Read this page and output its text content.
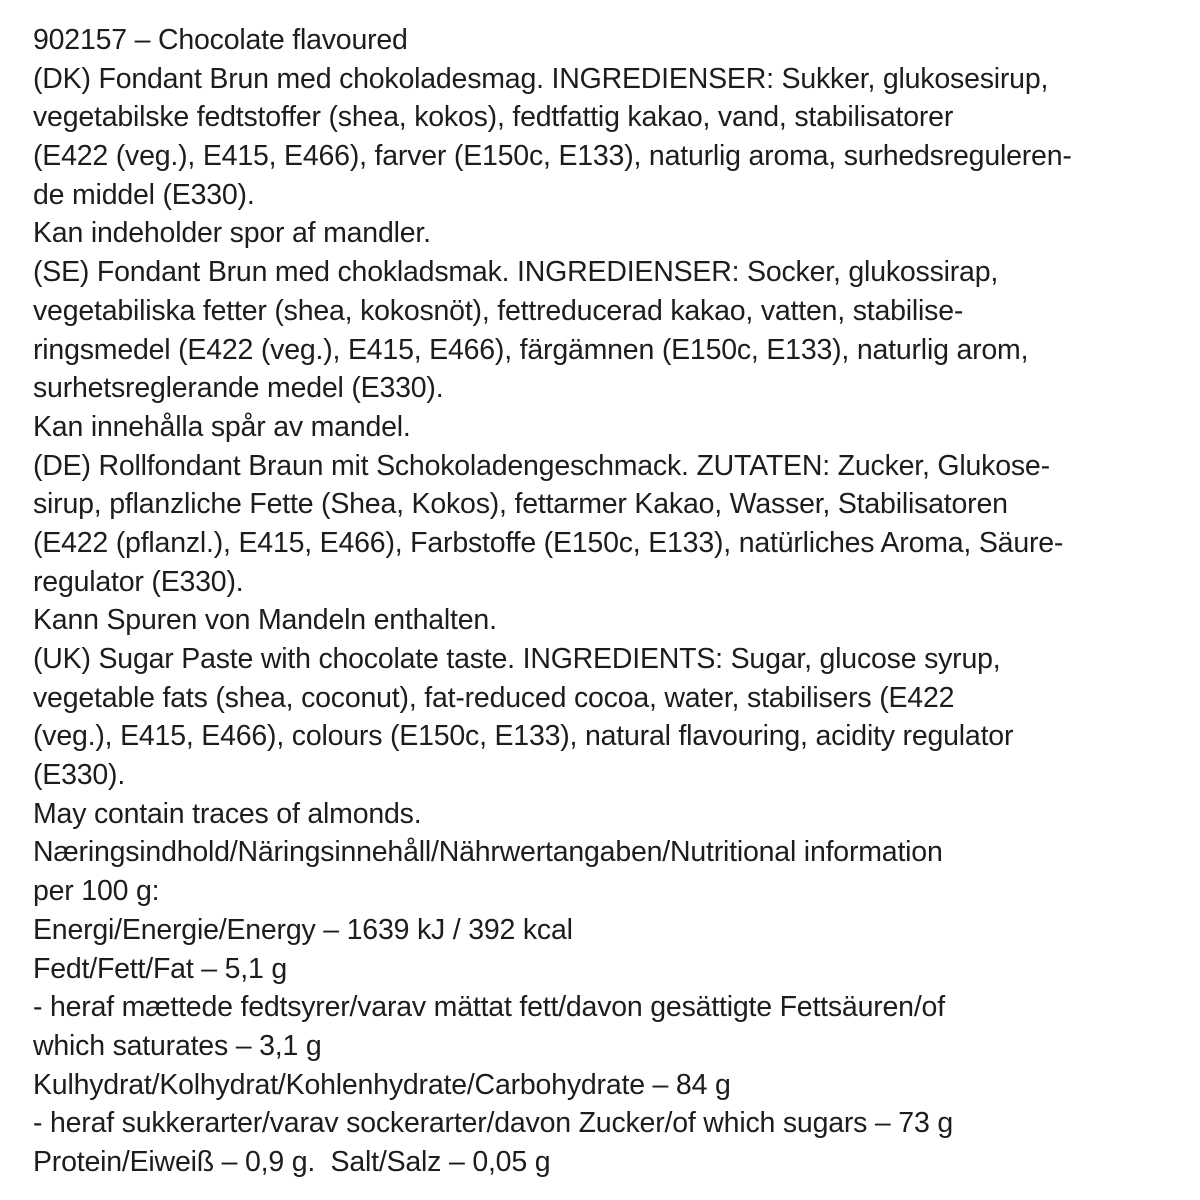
902157 – Chocolate flavoured
(DK) Fondant Brun med chokoladesmag. INGREDIENSER: Sukker, glukosesirup,
vegetabilske fedtstoffer (shea, kokos), fedtfattig kakao, vand, stabilisatorer
(E422 (veg.), E415, E466), farver (E150c, E133), naturlig aroma, surhedsreguleren-
de middel (E330).
Kan indeholder spor af mandler.
(SE) Fondant Brun med chokladsmak. INGREDIENSER: Socker, glukossirap,
vegetabiliska fetter (shea, kokosnöt), fettreducerad kakao, vatten, stabilise-
ringsmedel (E422 (veg.), E415, E466), färgämnen (E150c, E133), naturlig arom,
surhetsreglerande medel (E330).
Kan innehålla spår av mandel.
(DE) Rollfondant Braun mit Schokoladengeschmack. ZUTATEN: Zucker, Glukose-
sirup, pflanzliche Fette (Shea, Kokos), fettarmer Kakao, Wasser, Stabilisatoren
(E422 (pflanzl.), E415, E466), Farbstoffe (E150c, E133), natürliches Aroma, Säure-
regulator (E330).
Kann Spuren von Mandeln enthalten.
(UK) Sugar Paste with chocolate taste. INGREDIENTS: Sugar, glucose syrup,
vegetable fats (shea, coconut), fat-reduced cocoa, water, stabilisers (E422
(veg.), E415, E466), colours (E150c, E133), natural flavouring, acidity regulator
(E330).
May contain traces of almonds.
Næringsindhold/Näringsinnehåll/Nährwertangaben/Nutritional information
per 100 g:
Energi/Energie/Energy – 1639 kJ / 392 kcal
Fedt/Fett/Fat – 5,1 g
- heraf mættede fedtsyrer/varav mättat fett/davon gesättigte Fettsäuren/of
which saturates – 3,1 g
Kulhydrat/Kolhydrat/Kohlenhydrate/Carbohydrate – 84 g
- heraf sukkerarter/varav sockerarter/davon Zucker/of which sugars – 73 g
Protein/Eiweiß – 0,9 g.  Salt/Salz – 0,05 g
